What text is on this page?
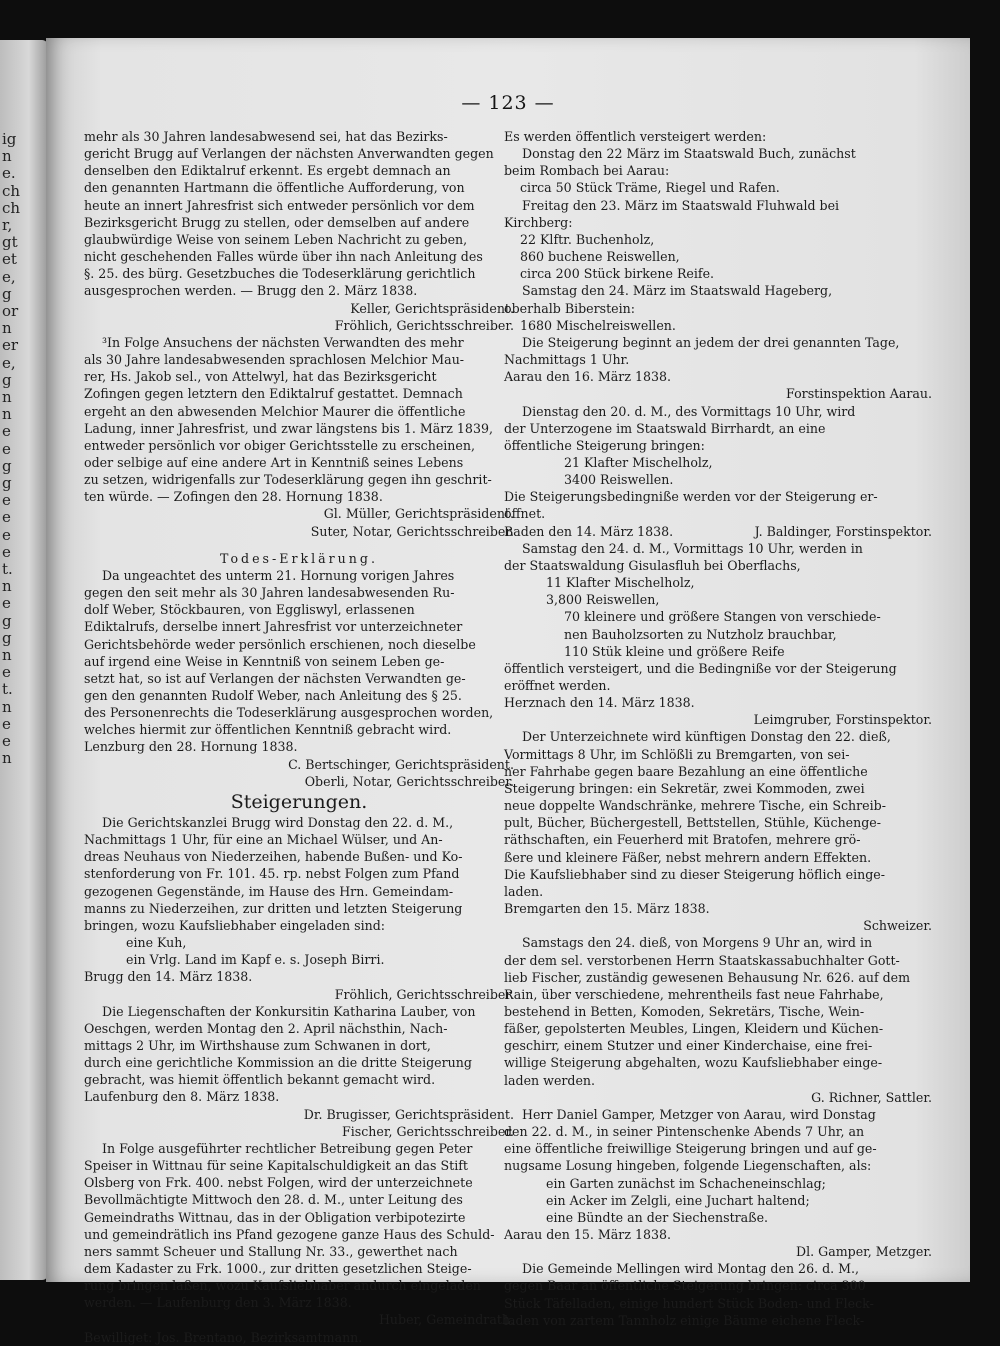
ig
n
e.
ch
ch
r,
gt
et
e,
g
or
n
er
e,
g
n
n
e
e
g
g
e
e
e
e
t.
n
e
g
g
n
e
t.
n
e
e
n
— 123 —

mehr als 30 Jahren landesabwesend sei, hat das Bezirks-

gericht Brugg auf Verlangen der nächsten Anverwandten gegen

denselben den Ediktalruf erkennt. Es ergebt demnach an

den genannten Hartmann die öffentliche Aufforderung, von

heute an innert Jahresfrist sich entweder persönlich vor dem

Bezirksgericht Brugg zu stellen, oder demselben auf andere

glaubwürdige Weise von seinem Leben Nachricht zu geben,

nicht geschehenden Falles würde über ihn nach Anleitung des

§. 25. des bürg. Gesetzbuches die Todeserklärung gerichtlich

ausgesprochen werden. — Brugg den 2. März 1838.

Keller, Gerichtspräsident.

Fröhlich, Gerichtsschreiber.

³In Folge Ansuchens der nächsten Verwandten des mehr

als 30 Jahre landesabwesenden sprachlosen Melchior Mau-

rer, Hs. Jakob sel., von Attelwyl, hat das Bezirksgericht

Zofingen gegen letztern den Ediktalruf gestattet. Demnach

ergeht an den abwesenden Melchior Maurer die öffentliche

Ladung, inner Jahresfrist, und zwar längstens bis 1. März 1839,

entweder persönlich vor obiger Gerichtsstelle zu erscheinen,

oder selbige auf eine andere Art in Kenntniß seines Lebens

zu setzen, widrigenfalls zur Todeserklärung gegen ihn geschrit-

ten würde. — Zofingen den 28. Hornung 1838.

Gl. Müller, Gerichtspräsident.

Suter, Notar, Gerichtsschreiber.

Todes-Erklärung.

Da ungeachtet des unterm 21. Hornung vorigen Jahres

gegen den seit mehr als 30 Jahren landesabwesenden Ru-

dolf Weber, Stöckbauren, von Eggliswyl, erlassenen

Ediktalrufs, derselbe innert Jahresfrist vor unterzeichneter

Gerichtsbehörde weder persönlich erschienen, noch dieselbe

auf irgend eine Weise in Kenntniß von seinem Leben ge-

setzt hat, so ist auf Verlangen der nächsten Verwandten ge-

gen den genannten Rudolf Weber, nach Anleitung des § 25.

des Personenrechts die Todeserklärung ausgesprochen worden,

welches hiermit zur öffentlichen Kenntniß gebracht wird.

Lenzburg den 28. Hornung 1838.

C. Bertschinger, Gerichtspräsident.

Oberli, Notar, Gerichtsschreiber.

Steigerungen.

Die Gerichtskanzlei Brugg wird Donstag den 22. d. M.,

Nachmittags 1 Uhr, für eine an Michael Wülser, und An-

dreas Neuhaus von Niederzeihen, habende Bußen- und Ko-

stenforderung von Fr. 101. 45. rp. nebst Folgen zum Pfand

gezogenen Gegenstände, im Hause des Hrn. Gemeindam-

manns zu Niederzeihen, zur dritten und letzten Steigerung

bringen, wozu Kaufsliebhaber eingeladen sind:

eine Kuh,

ein Vrlg. Land im Kapf e. s. Joseph Birri.

Brugg den 14. März 1838.

Fröhlich, Gerichtsschreiber.

Die Liegenschaften der Konkursitin Katharina Lauber, von

Oeschgen, werden Montag den 2. April nächsthin, Nach-

mittags 2 Uhr, im Wirthshause zum Schwanen in dort,

durch eine gerichtliche Kommission an die dritte Steigerung

gebracht, was hiemit öffentlich bekannt gemacht wird.

Laufenburg den 8. März 1838.

Dr. Brugisser, Gerichtspräsident.

Fischer, Gerichtsschreiber.

In Folge ausgeführter rechtlicher Betreibung gegen Peter

Speiser in Wittnau für seine Kapitalschuldigkeit an das Stift

Olsberg von Frk. 400. nebst Folgen, wird der unterzeichnete

Bevollmächtigte Mittwoch den 28. d. M., unter Leitung des

Gemeindraths Wittnau, das in der Obligation verbipotezirte

und gemeindrätlich ins Pfand gezogene ganze Haus des Schuld-

ners sammt Scheuer und Stallung Nr. 33., gewerthet nach

dem Kadaster zu Frk. 1000., zur dritten gesetzlichen Steige-

rung bringen laßen, wozu Kaufsliebhaber andurch eingeladen

werden. — Laufenburg den 3. März 1838.

Huber, Gemeindrath.

Bewilliget: Jos. Brentano, Bezirksamtmann.

Es werden öffentlich versteigert werden:

Donstag den 22 März im Staatswald Buch, zunächst

beim Rombach bei Aarau:

circa 50 Stück Träme, Riegel und Rafen.

Freitag den 23. März im Staatswald Fluhwald bei

Kirchberg:

22 Klftr. Buchenholz,

860 buchene Reiswellen,

circa 200 Stück birkene Reife.

Samstag den 24. März im Staatswald Hageberg,

oberhalb Biberstein:

1680 Mischelreiswellen.

Die Steigerung beginnt an jedem der drei genannten Tage,

Nachmittags 1 Uhr.

Aarau den 16. März 1838.

Forstinspektion Aarau.

Dienstag den 20. d. M., des Vormittags 10 Uhr, wird

der Unterzogene im Staatswald Birrhardt, an eine

öffentliche Steigerung bringen:

21 Klafter Mischelholz,

3400 Reiswellen.

Die Steigerungsbedingniße werden vor der Steigerung er-

öffnet.

Baden den 14. März 1838.	J. Baldinger, Forstinspektor.

Samstag den 24. d. M., Vormittags 10 Uhr, werden in

der Staatswaldung Gisulasfluh bei Oberflachs,

11 Klafter Mischelholz,

3,800 Reiswellen,

70 kleinere und größere Stangen von verschiede-

nen Bauholzsorten zu Nutzholz brauchbar,

110 Stük kleine und größere Reife

öffentlich versteigert, und die Bedingniße vor der Steigerung

eröffnet werden.

Herznach den 14. März 1838.

Leimgruber, Forstinspektor.

Der Unterzeichnete wird künftigen Donstag den 22. dieß,

Vormittags 8 Uhr, im Schlößli zu Bremgarten, von sei-

ner Fahrhabe gegen baare Bezahlung an eine öffentliche

Steigerung bringen: ein Sekretär, zwei Kommoden, zwei

neue doppelte Wandschränke, mehrere Tische, ein Schreib-

pult, Bücher, Büchergestell, Bettstellen, Stühle, Küchenge-

räthschaften, ein Feuerherd mit Bratofen, mehrere grö-

ßere und kleinere Fäßer, nebst mehrern andern Effekten.

Die Kaufsliebhaber sind zu dieser Steigerung höflich einge-

laden.

Bremgarten den 15. März 1838.

Schweizer.

Samstags den 24. dieß, von Morgens 9 Uhr an, wird in

der dem sel. verstorbenen Herrn Staatskassabuchhalter Gott-

lieb Fischer, zuständig gewesenen Behausung Nr. 626. auf dem

Rain, über verschiedene, mehrentheils fast neue Fahrhabe,

bestehend in Betten, Komoden, Sekretärs, Tische, Wein-

fäßer, gepolsterten Meubles, Lingen, Kleidern und Küchen-

geschirr, einem Stutzer und einer Kinderchaise, eine frei-

willige Steigerung abgehalten, wozu Kaufsliebhaber einge-

laden werden.

G. Richner, Sattler.

Herr Daniel Gamper, Metzger von Aarau, wird Donstag

den 22. d. M., in seiner Pintenschenke Abends 7 Uhr, an

eine öffentliche freiwillige Steigerung bringen und auf ge-

nugsame Losung hingeben, folgende Liegenschaften, als:

ein Garten zunächst im Schacheneinschlag;

ein Acker im Zelgli, eine Juchart haltend;

eine Bündte an der Siechenstraße.

Aarau den 15. März 1838.

Dl. Gamper, Metzger.

Die Gemeinde Mellingen wird Montag den 26. d. M.,

gegen Baar an öffentliche Steigerung bringen: circa 300

Stück Täfelladen, einige hundert Stück Boden- und Fleck-

laden von zartem Tannholz einige Bäume eichene Fleck-
